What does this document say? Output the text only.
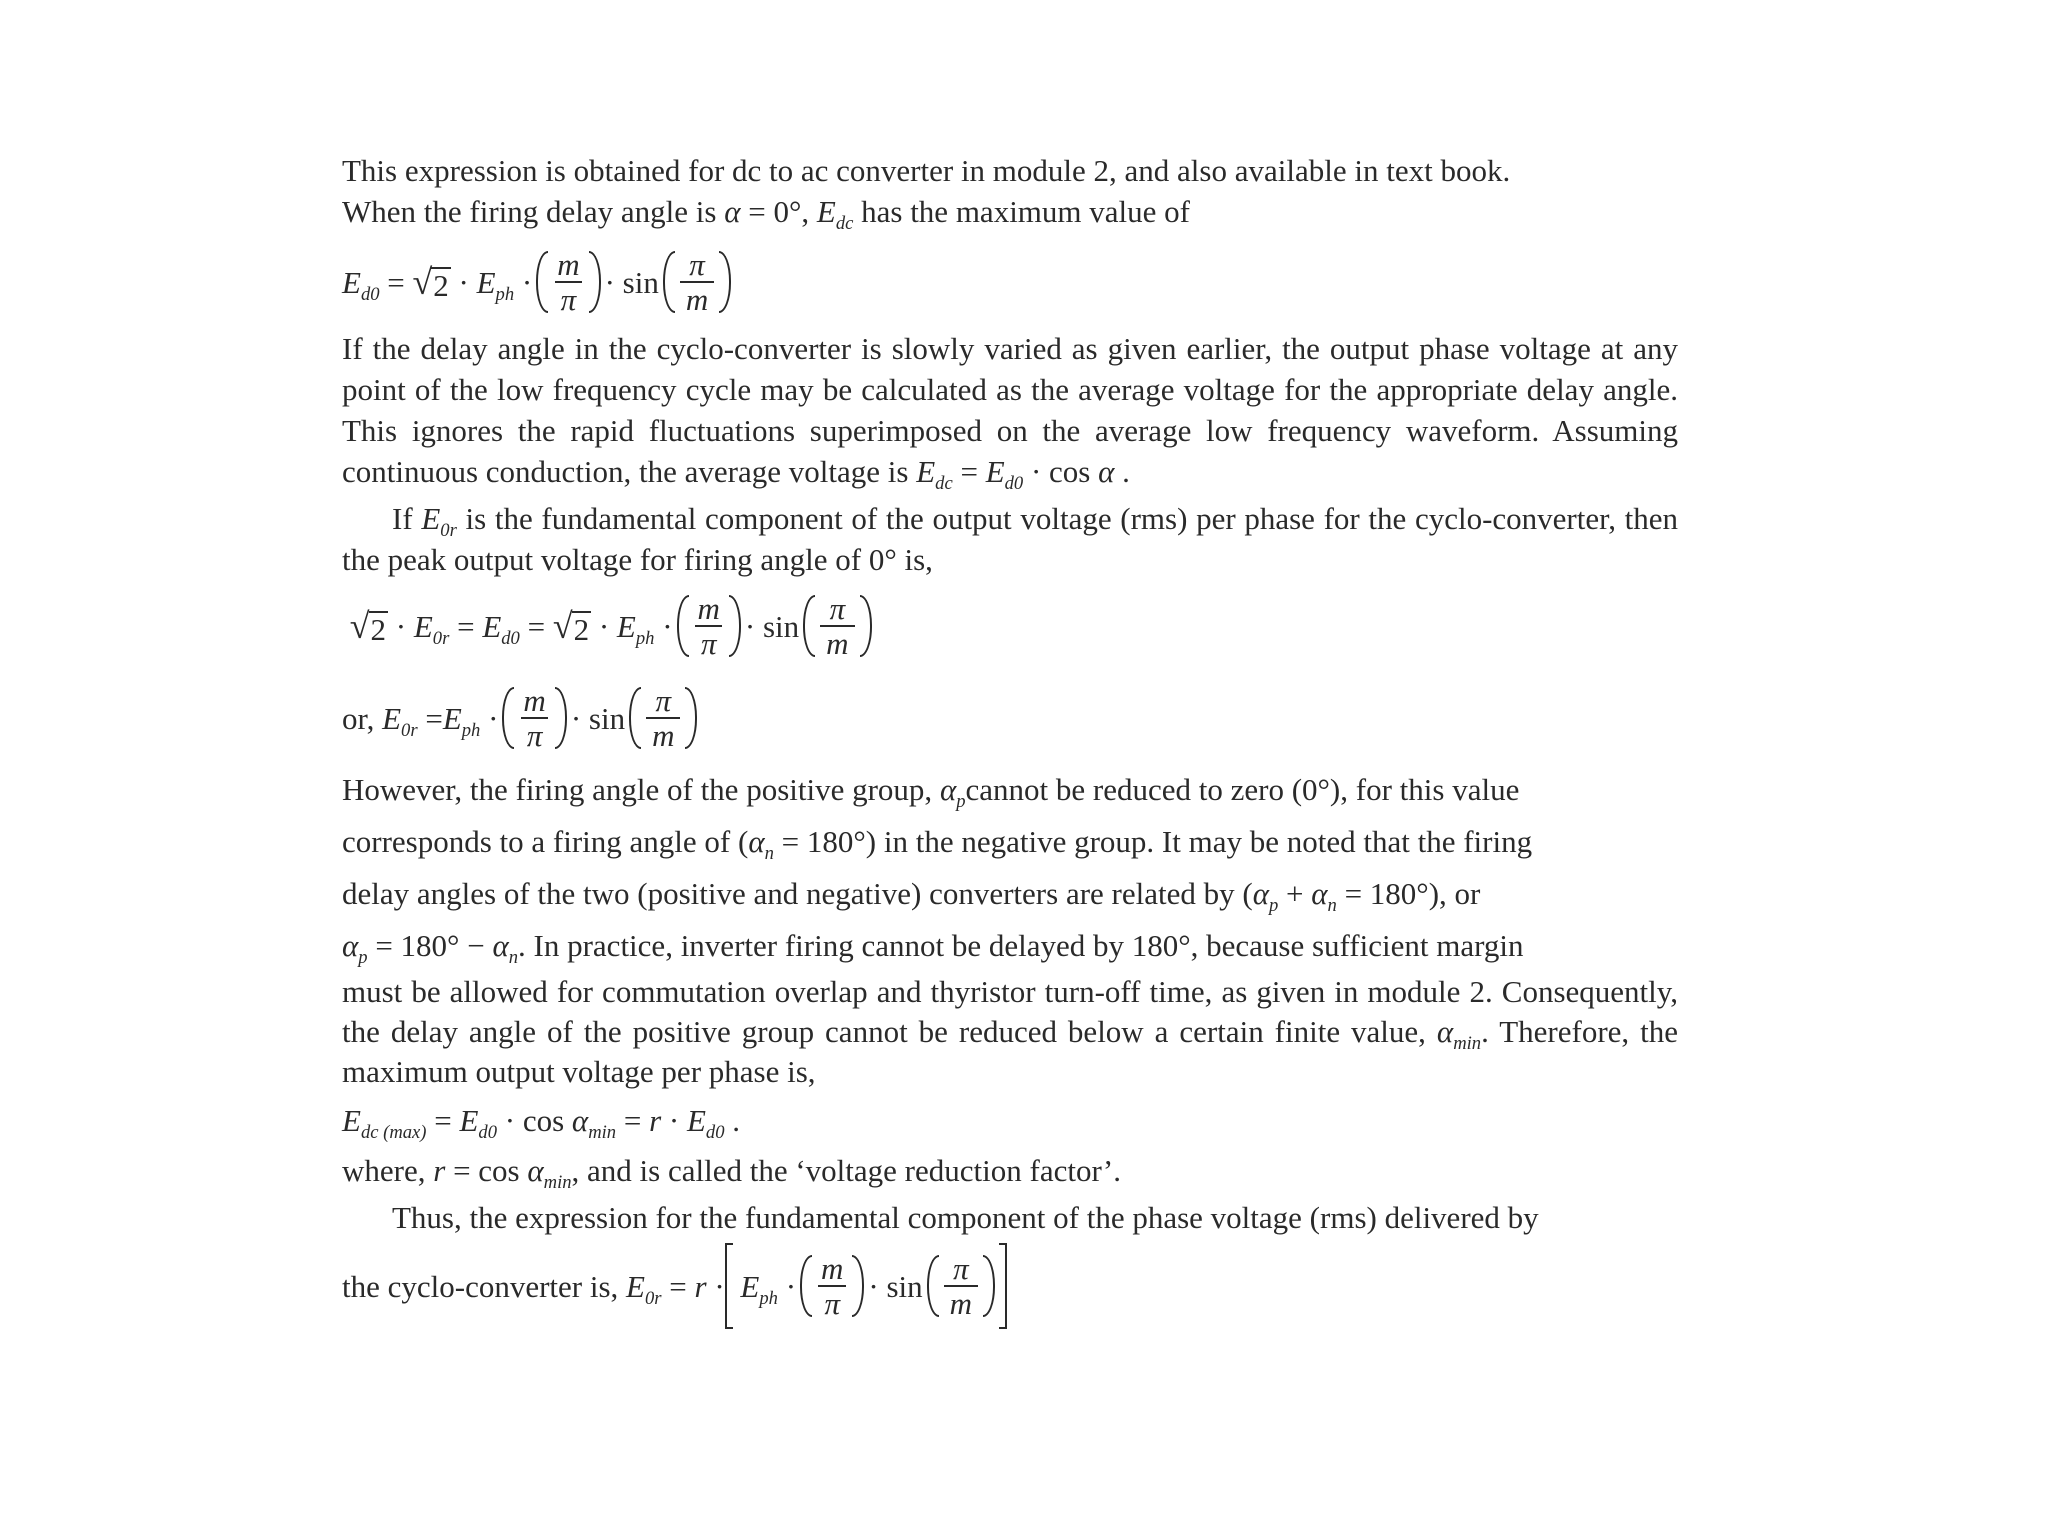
This expression is obtained for dc to ac converter in module 2, and also available in text book.

When the firing delay angle is α = 0°, $E_{dc}$ has the maximum value of

$E_{d0}$ = √ $2 \cdot E_{ph} \cdot \frac{m}{\pi} \cdot \sin \frac{\pi}{m}$

If the delay angle in the cyclo-converter is slowly varied as given earlier, the output phase voltage at any point of the low frequency cycle may be calculated as the average voltage for the appropriate delay angle. This ignores the rapid fluctuations superimposed on the average low frequency waveform. Assuming continuous conduction, the average voltage is $E_{dc} = E_{d0} \cdot \cos \alpha$ .

If $E_{0r}$ is the fundamental component of the output voltage (rms) per phase for the cyclo-converter, then the peak output voltage for firing angle of 0° is,

√ $2 \cdot E_{0r} = E_{d0}$ = √ $2 \cdot E_{ph} \cdot \frac{m}{\pi} \cdot \sin \frac{\pi}{m}$
or,
$E_{0r} = E_{ph} \cdot \frac{m}{\pi} \cdot \sin \frac{\pi}{m}$

However, the firing angle of the positive group, $\alpha_pcannot$ be reduced to zero (0°), for this value

corresponds to a firing angle of $(\alpha_n = 180^\circ)$ in the negative group. It may be noted that the firing

delay angles of the two (positive and negative) converters are related by $(\alpha_p + \alpha_n = 180^\circ)$, or

$\alpha_p = 180^\circ - \alpha_n$. In practice, inverter firing cannot be delayed by 180°, because sufficient margin

must be allowed for commutation overlap and thyristor turn-off time, as given in module 2. Consequently, the delay angle of the positive group cannot be reduced below a certain finite value, $\alpha_{min}$. Therefore, the maximum output voltage per phase is,

$E_{dc (max)} = E_{d0} \cdot \cos \alpha_{min} = r \cdot E_{d0}$ .

where, $r = \cos \alpha_{min}$, and is called the ‘voltage reduction factor’.

Thus, the expression for the fundamental component of the phase voltage (rms) delivered by

the cyclo-converter is,
$E_{0r} = r$ ·
$E_{ph} \cdot \frac{m}{\pi} \cdot \sin \frac{\pi}{m}$
